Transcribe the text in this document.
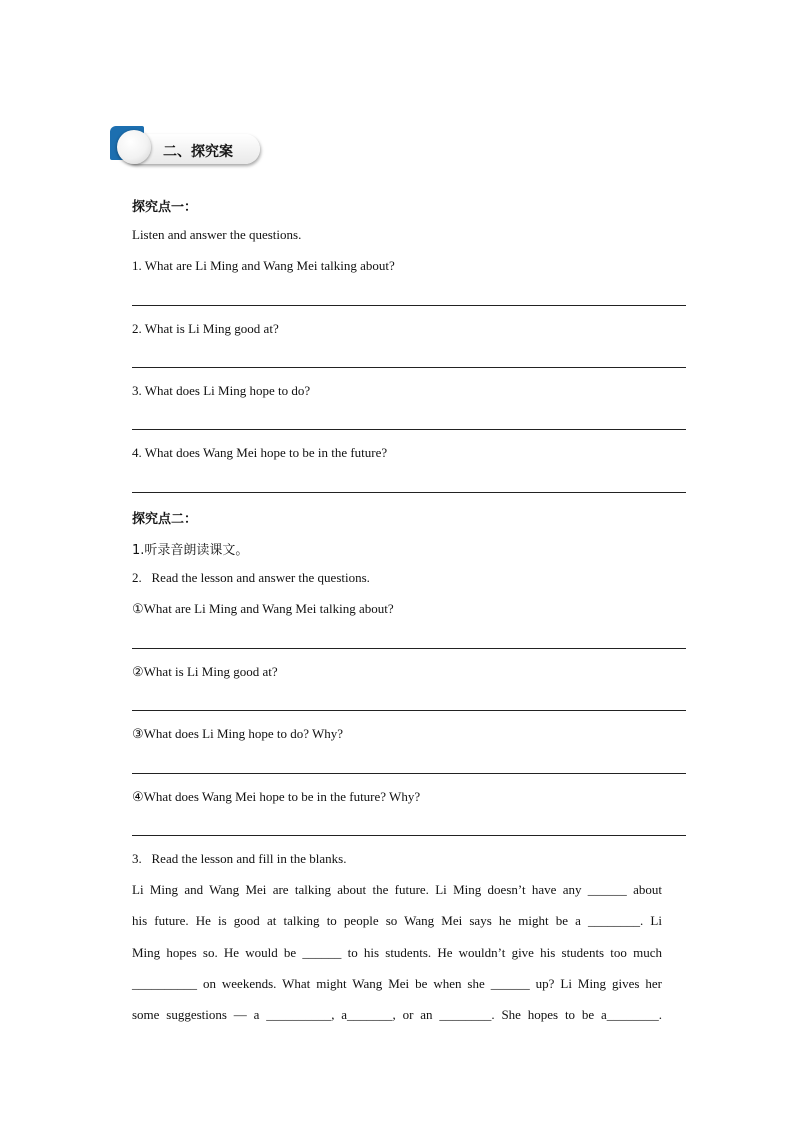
二、探究案
探究点一：
Listen and answer the questions.
1. What are Li Ming and Wang Mei talking about?
2. What is Li Ming good at?
3. What does Li Ming hope to do?
4. What does Wang Mei hope to be in the future?
探究点二：
1.听录音朗读课文。
2.   Read the lesson and answer the questions.
①What are Li Ming and Wang Mei talking about?
②What is Li Ming good at?
③What does Li Ming hope to do? Why?
④What does Wang Mei hope to be in the future? Why?
3.   Read the lesson and fill in the blanks.
Li Ming and Wang Mei are talking about the future. Li Ming doesn’t have any ______ about
his future. He is good at talking to people so Wang Mei says he might be a ________. Li
Ming hopes so. He would be ______ to his students. He wouldn’t give his students too much
__________ on weekends. What might Wang Mei be when she ______ up? Li Ming gives her
some suggestions — a __________, a_______, or an ________. She hopes to be a________.
